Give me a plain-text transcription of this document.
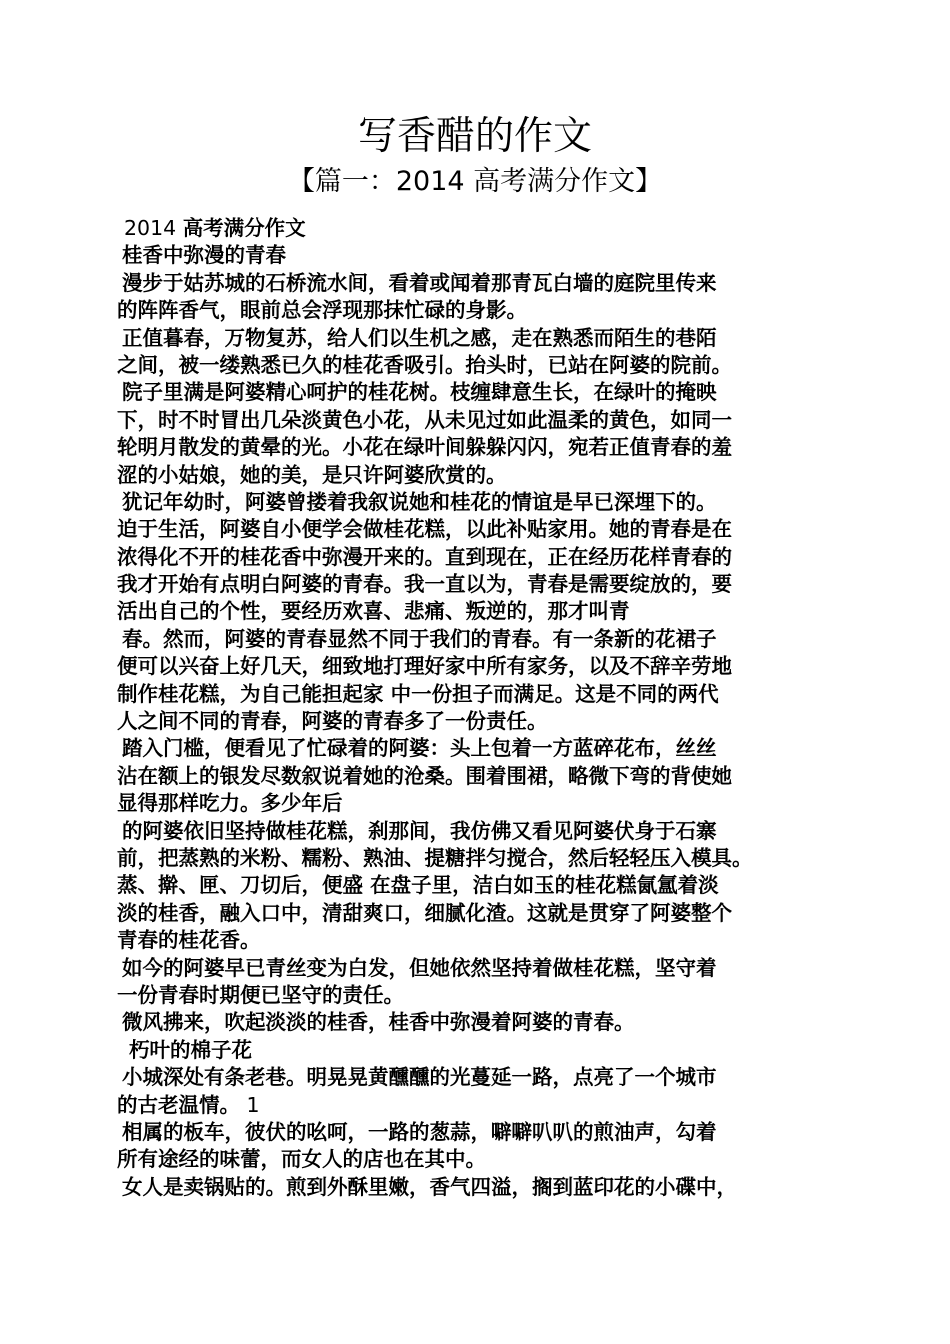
写香醋的作文
【篇一：2014 高考满分作文】
2014 高考满分作文
桂香中弥漫的青春
漫步于姑苏城的石桥流水间，看着或闻着那青瓦白墙的庭院里传来
的阵阵香气，眼前总会浮现那抹忙碌的身影。
正值暮春，万物复苏，给人们以生机之感，走在熟悉而陌生的巷陌
之间，被一缕熟悉已久的桂花香吸引。抬头时，已站在阿婆的院前。
院子里满是阿婆精心呵护的桂花树。枝缠肆意生长，在绿叶的掩映
下，时不时冒出几朵淡黄色小花，从未见过如此温柔的黄色，如同一
轮明月散发的黄晕的光。小花在绿叶间躲躲闪闪，宛若正值青春的羞
涩的小姑娘，她的美，是只许阿婆欣赏的。
犹记年幼时，阿婆曾搂着我叙说她和桂花的情谊是早已深埋下的。
迫于生活，阿婆自小便学会做桂花糕，以此补贴家用。她的青春是在
浓得化不开的桂花香中弥漫开来的。直到现在，正在经历花样青春的
我才开始有点明白阿婆的青春。我一直以为，青春是需要绽放的，要
活出自己的个性，要经历欢喜、悲痛、叛逆的，那才叫青
春。然而，阿婆的青春显然不同于我们的青春。有一条新的花裙子
便可以兴奋上好几天，细致地打理好家中所有家务，以及不辞辛劳地
制作桂花糕，为自己能担起家 中一份担子而满足。这是不同的两代
人之间不同的青春，阿婆的青春多了一份责任。
踏入门槛，便看见了忙碌着的阿婆：头上包着一方蓝碎花布，丝丝
沾在额上的银发尽数叙说着她的沧桑。围着围裙，略微下弯的背使她
显得那样吃力。多少年后
的阿婆依旧坚持做桂花糕，刹那间，我仿佛又看见阿婆伏身于石寨
前，把蒸熟的米粉、糯粉、熟油、提糖拌匀搅合，然后轻轻压入模具。
蒸、擀、匣、刀切后，便盛 在盘子里，洁白如玉的桂花糕氤氲着淡
淡的桂香，融入口中，清甜爽口，细腻化渣。这就是贯穿了阿婆整个
青春的桂花香。
如今的阿婆早已青丝变为白发，但她依然坚持着做桂花糕，坚守着
一份青春时期便已坚守的责任。
微风拂来，吹起淡淡的桂香，桂香中弥漫着阿婆的青春。
朽叶的棉子花
小城深处有条老巷。明晃晃黄醺醺的光蔓延一路，点亮了一个城市
的古老温情。 1
相属的板车，彼伏的吆呵，一路的葱蒜，噼噼叭叭的煎油声，勾着
所有途经的味蕾，而女人的店也在其中。
女人是卖锅贴的。煎到外酥里嫩，香气四溢，搁到蓝印花的小碟中，
